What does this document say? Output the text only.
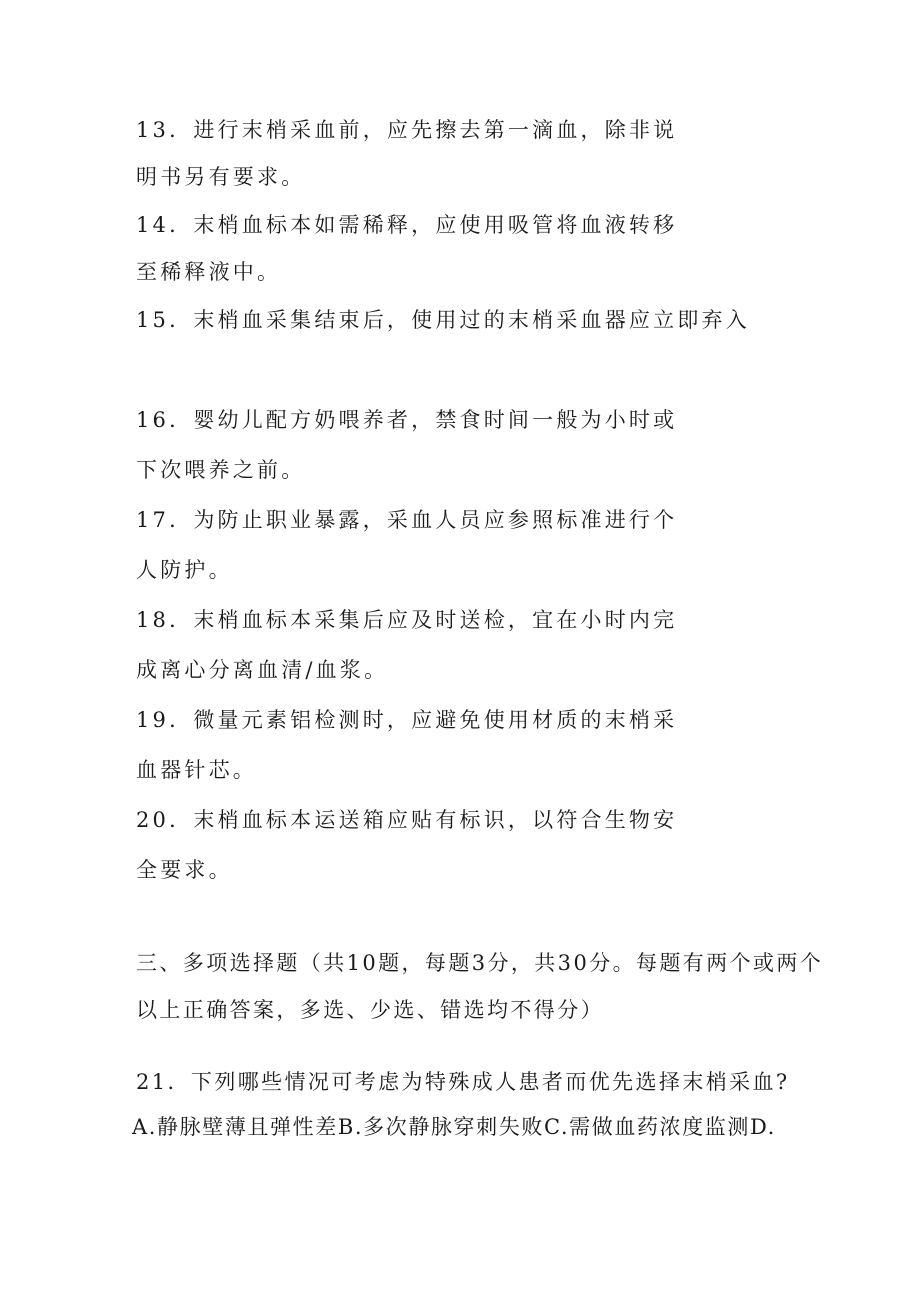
13．进行末梢采血前，应先擦去第一滴血，除非说
明书另有要求。
14．末梢血标本如需稀释，应使用吸管将血液转移
至稀释液中。
15．末梢血采集结束后，使用过的末梢采血器应立即弃入
16．婴幼儿配方奶喂养者，禁食时间一般为小时或
下次喂养之前。
17．为防止职业暴露，采血人员应参照标准进行个
人防护。
18．末梢血标本采集后应及时送检，宜在小时内完
成离心分离血清/血浆。
19．微量元素铝检测时，应避免使用材质的末梢采
血器针芯。
20．末梢血标本运送箱应贴有标识，以符合生物安
全要求。
三、多项选择题（共10题，每题3分，共30分。每题有两个或两个
以上正确答案，多选、少选、错选均不得分）
21．下列哪些情况可考虑为特殊成人患者而优先选择末梢采血?
A.静脉壁薄且弹性差B.多次静脉穿刺失败C.需做血药浓度监测D.
